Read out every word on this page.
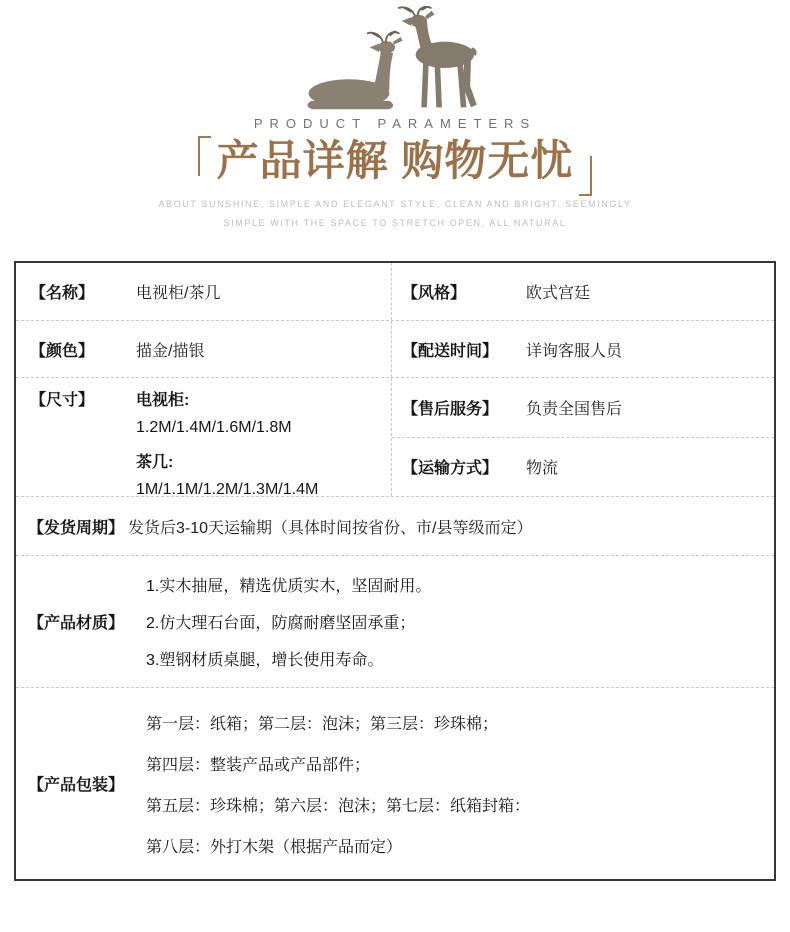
PRODUCT PARAMETERS
产品详解 购物无忧
ABOUT SUNSHINE, SIMPLE AND ELEGANT STYLE, CLEAN AND BRIGHT, SEEMINGLY
SIMPLE WITH THE SPACE TO STRETCH OPEN, ALL NATURAL
【名称】	电视柜/茶几	【风格】	欧式宫廷
【颜色】	描金/描银	【配送时间】	详询客服人员
【尺寸】	电视柜:
1.2M/1.4M/1.6M/1.8M
茶几:
1M/1.1M/1.2M/1.3M/1.4M
【售后服务】	负责全国售后
【运输方式】	物流
【发货周期】 发货后3-10天运输期（具体时间按省份、市/县等级而定）
【产品材质】
1.实木抽屉，精选优质实木，坚固耐用。
2.仿大理石台面，防腐耐磨坚固承重；
3.塑钢材质桌腿，增长使用寿命。
【产品包装】
第一层：纸箱；第二层：泡沫；第三层：珍珠棉；
第四层：整装产品或产品部件；
第五层：珍珠棉；第六层：泡沫；第七层：纸箱封箱：
第八层：外打木架（根据产品而定）
